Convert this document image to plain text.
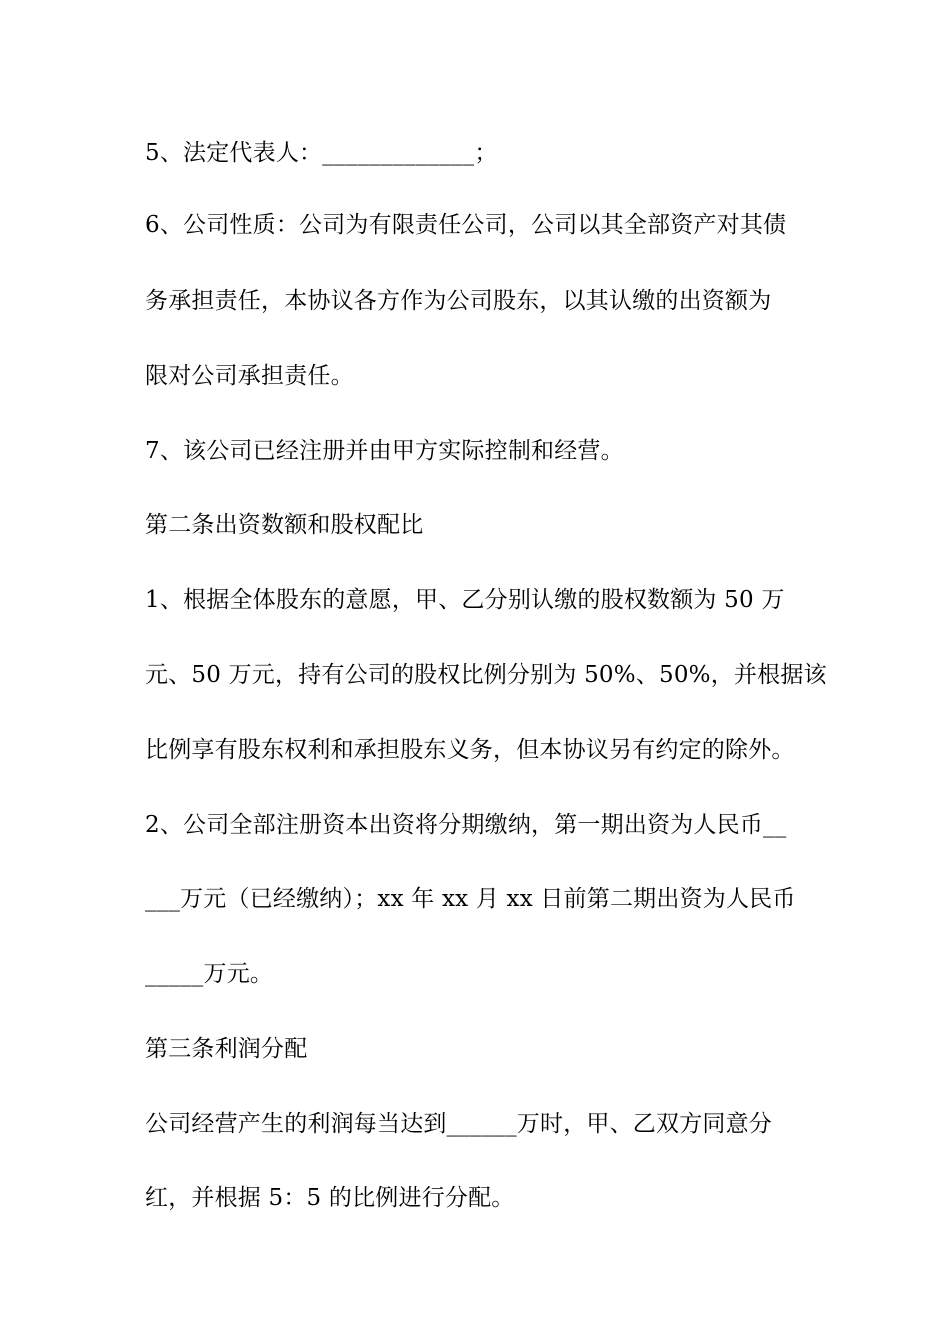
5、法定代表人：_____________；
6、公司性质：公司为有限责任公司，公司以其全部资产对其债
务承担责任，本协议各方作为公司股东，以其认缴的出资额为
限对公司承担责任。
7、该公司已经注册并由甲方实际控制和经营。
第二条出资数额和股权配比
1、根据全体股东的意愿，甲、乙分别认缴的股权数额为 50 万
元、50 万元，持有公司的股权比例分别为 50%、50%，并根据该
比例享有股东权利和承担股东义务，但本协议另有约定的除外。
2、公司全部注册资本出资将分期缴纳，第一期出资为人民币__
___万元（已经缴纳）；xx 年 xx 月 xx 日前第二期出资为人民币
_____万元。
第三条利润分配
公司经营产生的利润每当达到______万时，甲、乙双方同意分
红，并根据 5：5 的比例进行分配。
